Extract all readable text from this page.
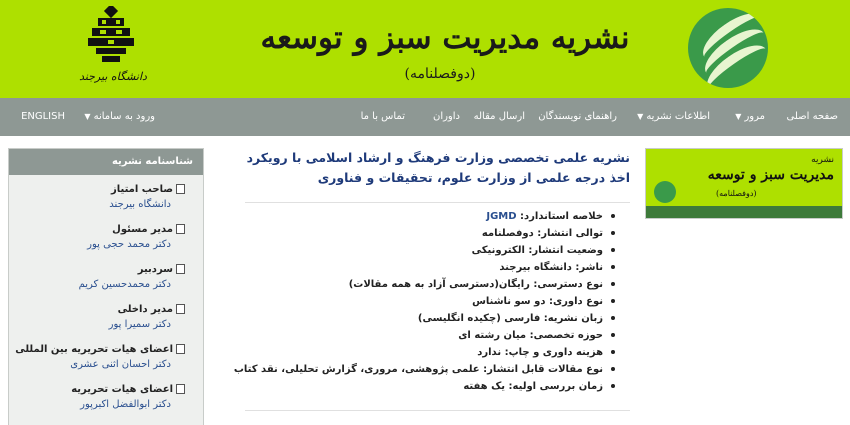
نشریه مدیریت سبز و توسعه
(دوفصلنامه)
دانشگاه بیرجند
صفحه اصلی
مرور▼
اطلاعات نشریه▼
راهنمای نویسندگان
ارسال مقاله
داوران
تماس با ما
ورود به سامانه▼
ENGLISH
شناسنامه نشریه
صاحب امتیاز
دانشگاه بیرجند
مدیر مسئول
دکتر محمد حجی پور
سردبیر
دکتر محمدحسین کریم
مدیر داخلی
دکتر سمیرا پور
اعضای هیات تحریریه بین المللی
دکتر احسان اثنی عشری
اعضای هیات تحریریه
دکتر ابوالفضل اکبرپور
نشریه علمی تخصصی وزارت فرهنگ و ارشاد اسلامی با رویکرد اخذ درجه علمی از وزارت علوم، تحقیقات و فناوری
خلاصه استاندارد: JGMD
توالی انتشار: دوفصلنامه
وضعیت انتشار: الکترونیکی
ناشر: دانشگاه بیرجند
نوع دسترسی: رایگان(دسترسی آزاد به همه مقالات)
نوع داوری: دو سو ناشناس
زبان نشریه: فارسی (چکیده انگلیسی)
حوزه تخصصی: میان رشته ای
هزینه داوری و چاپ: ندارد
نوع مقالات قابل انتشار: علمی پژوهشی، مروری، گزارش تحلیلی، نقد کتاب
زمان بررسی اولیه: یک هفته
نشریه
مدیریت سبز و توسعه
(دوفصلنامه)
